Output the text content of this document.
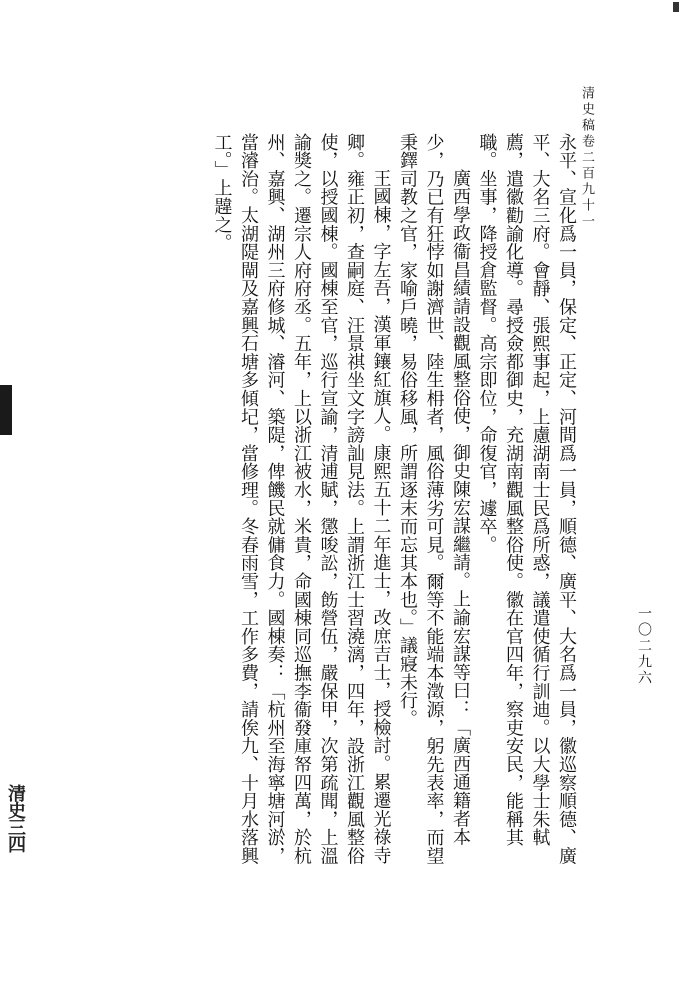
清史稿卷二百九十一
一〇二九六

永平、宣化爲一員，保定、正定、河間爲一員，順德、廣平、大名爲一員，徽巡察順德、廣平、大名三府。會靜、張熙事起，上慮湖南士民爲所惑，議遣使循行訓迪。以大學士朱軾薦，遣徽勸諭化導。尋授僉都御史，充湖南觀風整俗使。徽在官四年，察吏安民，能稱其職。坐事，降授倉監督。高宗即位，命復官，遽卒。

廣西學政衞昌績請設觀風整俗使，御史陳宏謀繼請。上諭宏謀等曰：「廣西通籍者本少，乃已有狂悖如謝濟世、陸生枏者，風俗薄劣可見。爾等不能端本澂源，躬先表率，而望秉鐸司教之官，家喻戶曉，易俗移風，所謂逐末而忘其本也。」議寢未行。

王國棟，字左吾，漢軍鑲紅旗人。康熙五十二年進士，改庶吉士，授檢討。累遷光祿寺卿。雍正初，查嗣庭、汪景祺坐文字謗訕見法。上謂浙江士習澆漓，四年，設浙江觀風整俗使，以授國棟。國棟至官，巡行宣諭，清逋賦，懲唆訟，飭營伍，嚴保甲，次第疏聞，上溫諭獎之。遷宗人府府丞。五年，上以浙江被水，米貴，命國棟同巡撫李衞發庫帑四萬，於杭州、嘉興、湖州三府修城、濬河、築隄，俾饑民就傭食力。國棟奏：「杭州至海寧塘河淤，當濬治。太湖隄閘及嘉興石塘多傾圮，當修理。冬春雨雪，工作多費，請俟九、十月水落興工。」上韙之。

清史三四
